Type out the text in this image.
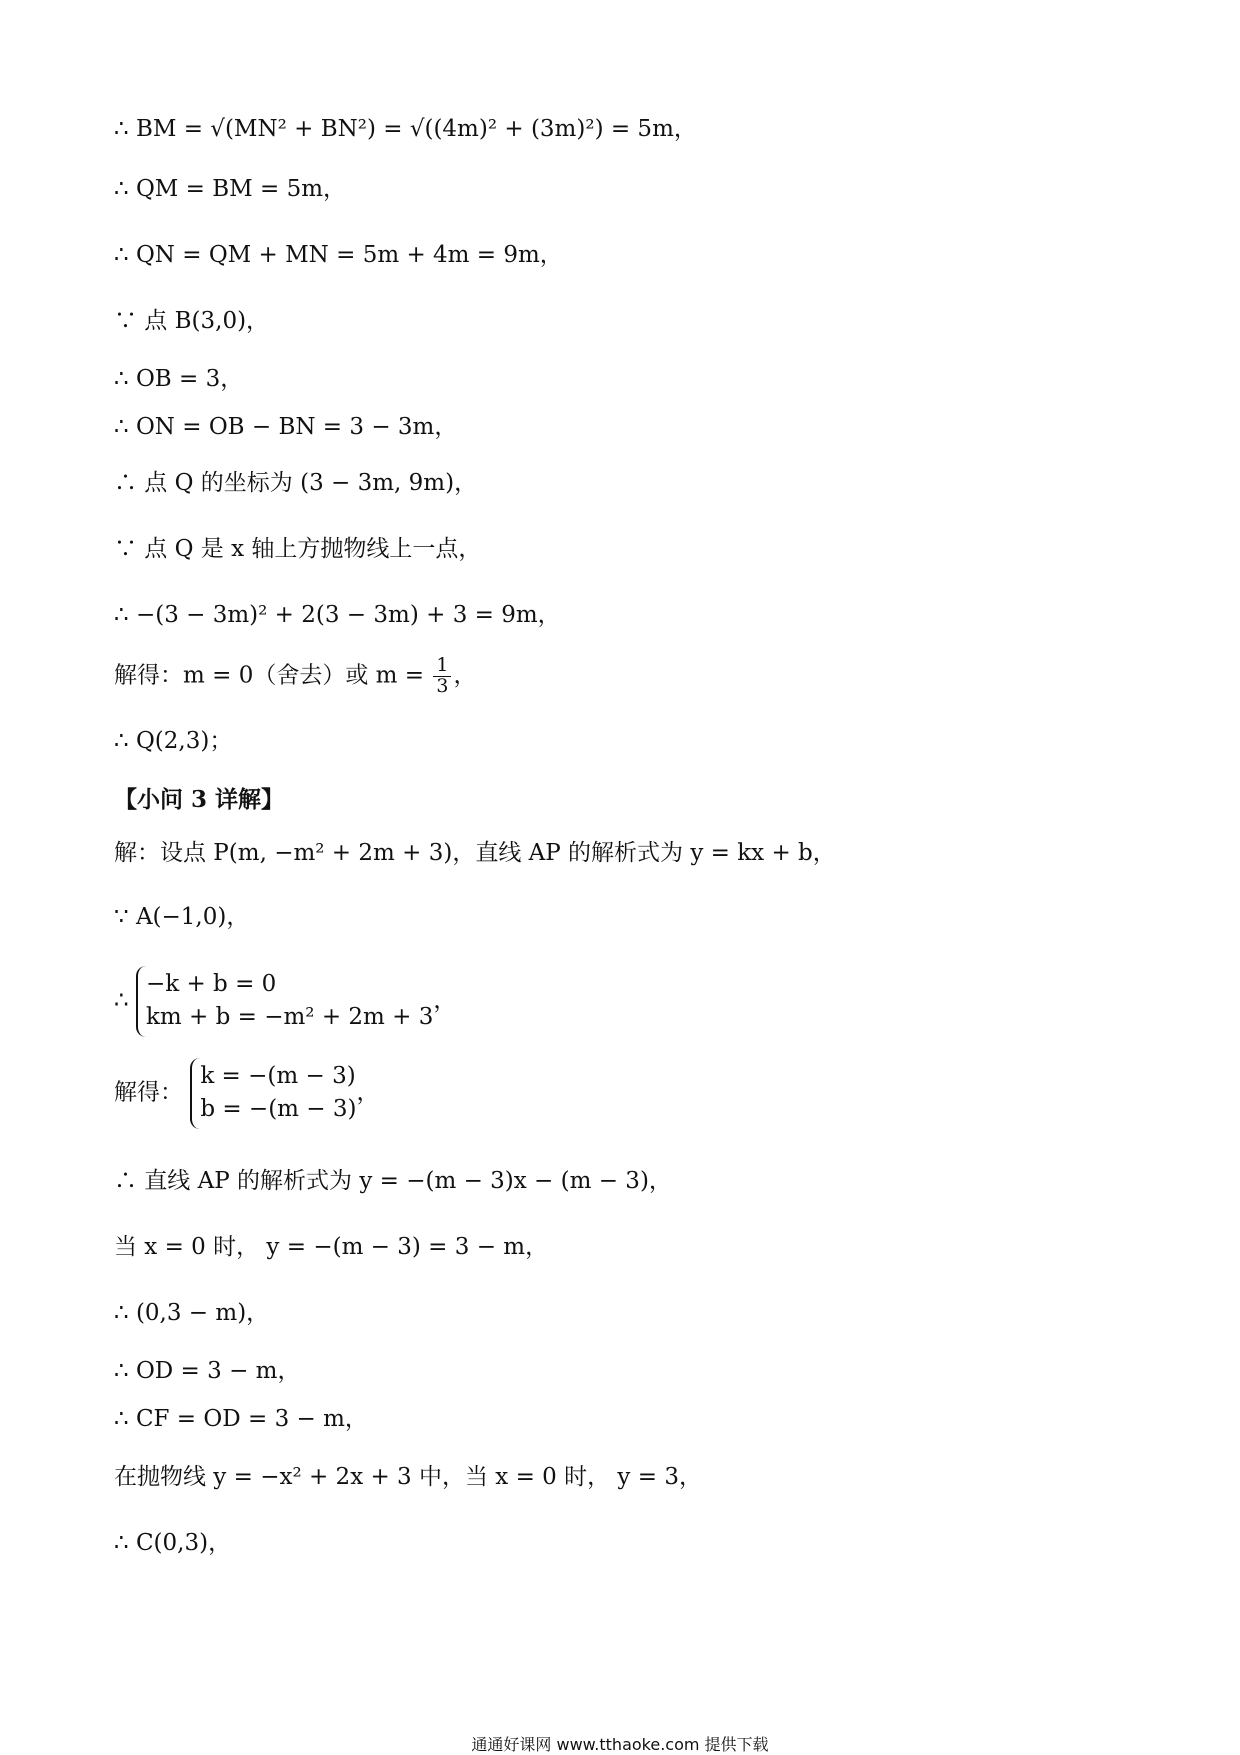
∴ BM = √(MN² + BN²) = √((4m)² + (3m)²) = 5m，
∴ QM = BM = 5m，
∴ QN = QM + MN = 5m + 4m = 9m，
∵ 点 B(3,0)，
∴ OB = 3，
∴ ON = OB − BN = 3 − 3m，
∴ 点 Q 的坐标为 (3 − 3m, 9m)，
∵ 点 Q 是 x 轴上方抛物线上一点，
∴ −(3 − 3m)² + 2(3 − 3m) + 3 = 9m，
解得：m = 0（舍去）或 $m = \frac{1}{3}$ ，
∴ Q(2,3)；
【小问 3 详解】
解：设点 P(m, −m² + 2m + 3)，直线 AP 的解析式为 y = kx + b，
∵ A(−1,0)，
∴
−k + b = 0
km + b = −m² + 2m + 3
，
解得：
k = −(m − 3)
b = −(m − 3)
，
∴ 直线 AP 的解析式为 y = −(m − 3)x − (m − 3)，
当 x = 0 时， y = −(m − 3) = 3 − m，
∴ (0,3 − m)，
∴ OD = 3 − m，
∴ CF = OD = 3 − m，
在抛物线 y = −x² + 2x + 3 中，当 x = 0 时， y = 3，
∴ C(0,3)，
通通好课网 www.tthaoke.com 提供下载
